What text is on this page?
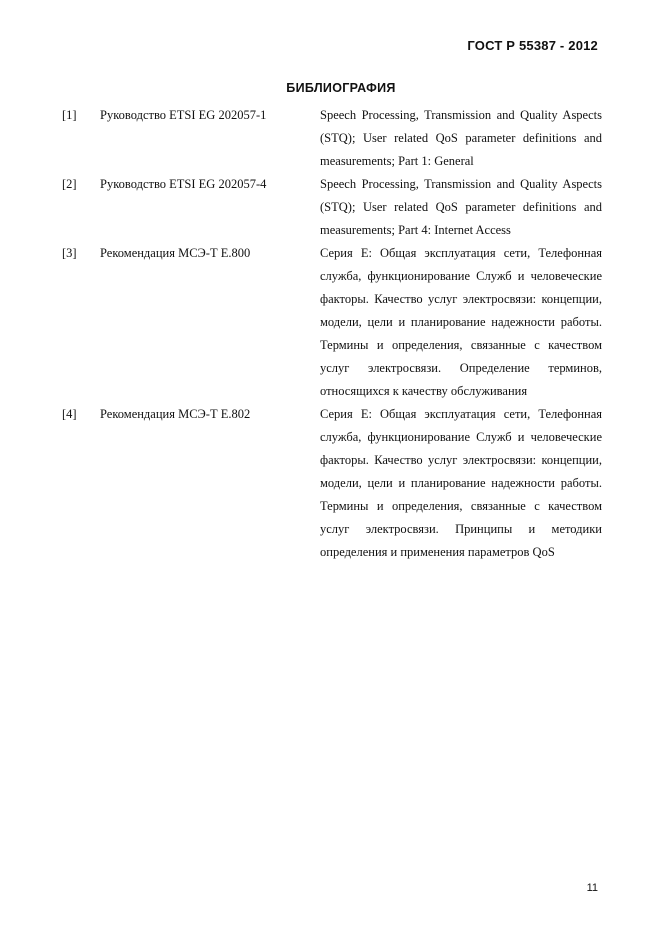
ГОСТ Р 55387 - 2012
БИБЛИОГРАФИЯ
[1]	Руководство ETSI EG 202057-1	Speech Processing, Transmission and Quality Aspects (STQ); User related QoS parameter definitions and measurements; Part 1: General
[2]	Руководство ETSI EG 202057-4	Speech Processing, Transmission and Quality Aspects (STQ); User related QoS parameter definitions and measurements; Part 4: Internet Access
[3]	Рекомендация МСЭ-Т E.800	Серия E: Общая эксплуатация сети, Телефонная служба, функционирование Служб и человеческие факторы. Качество услуг электросвязи: концепции, модели, цели и планирование надежности работы. Термины и определения, связанные с качеством услуг электросвязи. Определение терминов, относящихся к качеству обслуживания
[4]	Рекомендация МСЭ-Т E.802	Серия E: Общая эксплуатация сети, Телефонная служба, функционирование Служб и человеческие факторы. Качество услуг электросвязи: концепции, модели, цели и планирование надежности работы. Термины и определения, связанные с качеством услуг электросвязи. Принципы и методики определения и применения параметров QoS
11
